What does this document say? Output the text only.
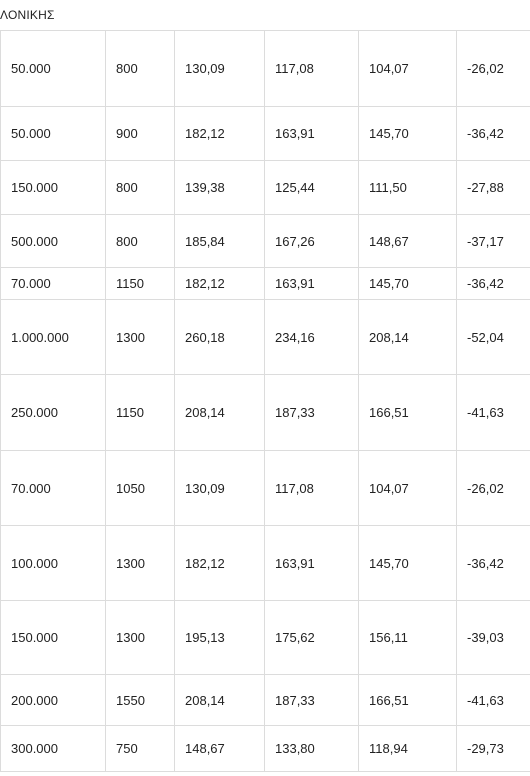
ΛΟΝΙΚΗΣ
50.000	800	130,09	117,08	104,07	-26,02
50.000	900	182,12	163,91	145,70	-36,42
150.000	800	139,38	125,44	111,50	-27,88
500.000	800	185,84	167,26	148,67	-37,17
70.000	1150	182,12	163,91	145,70	-36,42
1.000.000	1300	260,18	234,16	208,14	-52,04
250.000	1150	208,14	187,33	166,51	-41,63
70.000	1050	130,09	117,08	104,07	-26,02
100.000	1300	182,12	163,91	145,70	-36,42
150.000	1300	195,13	175,62	156,11	-39,03
200.000	1550	208,14	187,33	166,51	-41,63
300.000	750	148,67	133,80	118,94	-29,73
